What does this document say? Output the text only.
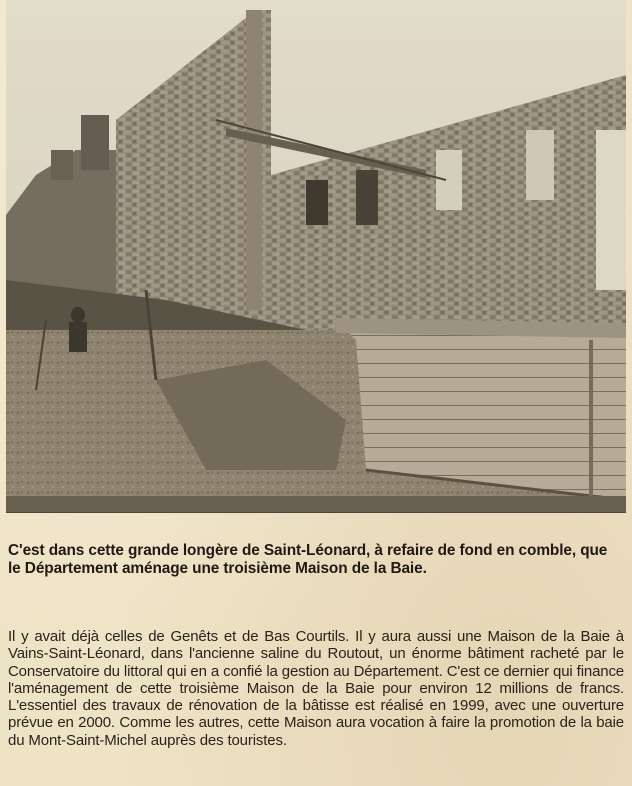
C'est dans cette grande longère de Saint-Léonard, à refaire de fond en comble, que le Département aménage une troisième Maison de la Baie.

Il y avait déjà celles de Genêts et de Bas Courtils. Il y aura aussi une Maison de la Baie à Vains-Saint-Léonard, dans l'ancienne saline du Routout, un énorme bâtiment racheté par le Conservatoire du littoral qui en a confié la gestion au Département. C'est ce dernier qui finance l'aménagement de cette troisième Maison de la Baie pour environ 12 millions de francs. L'essentiel des travaux de rénovation de la bâtisse est réalisé en 1999, avec une ouverture prévue en 2000. Comme les autres, cette Maison aura vocation à faire la promotion de la baie du Mont-Saint-Michel auprès des touristes.
